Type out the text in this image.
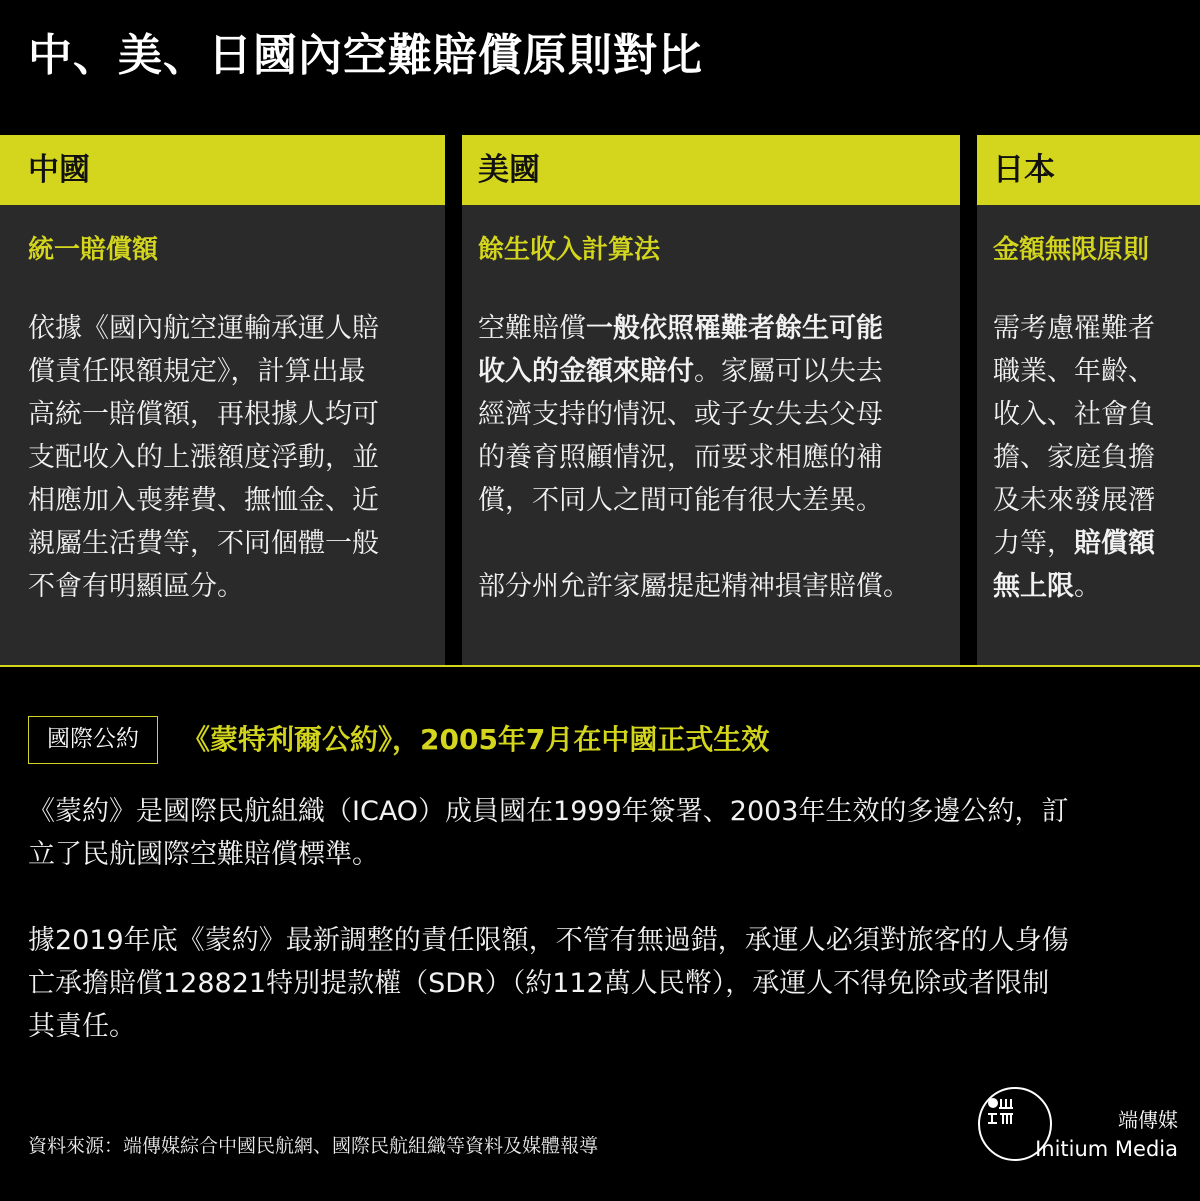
中、美、日國內空難賠償原則對比
中國
統一賠償額
依據《國內航空運輸承運人賠
償責任限額規定》，計算出最
高統一賠償額，再根據人均可
支配收入的上漲額度浮動，並
相應加入喪葬費、撫恤金、近
親屬生活費等，不同個體一般
不會有明顯區分。
美國
餘生收入計算法
空難賠償一般依照罹難者餘生可能
收入的金額來賠付。家屬可以失去
經濟支持的情況、或子女失去父母
的養育照顧情況，而要求相應的補
償，不同人之間可能有很大差異。
部分州允許家屬提起精神損害賠償。
日本
金額無限原則
需考慮罹難者
職業、年齡、
收入、社會負
擔、家庭負擔
及未來發展潛
力等，賠償額
無上限。
國際公約	《蒙特利爾公約》，2005年7月在中國正式生效
《蒙約》是國際民航組織（ICAO）成員國在1999年簽署、2003年生效的多邊公約，訂
立了民航國際空難賠償標準。
據2019年底《蒙約》最新調整的責任限額，不管有無過錯，承運人必須對旅客的人身傷
亡承擔賠償128821特別提款權（SDR）（約112萬人民幣），承運人不得免除或者限制
其責任。
資料來源：端傳媒綜合中國民航網、國際民航組織等資料及媒體報導
端傳媒
Initium Media
